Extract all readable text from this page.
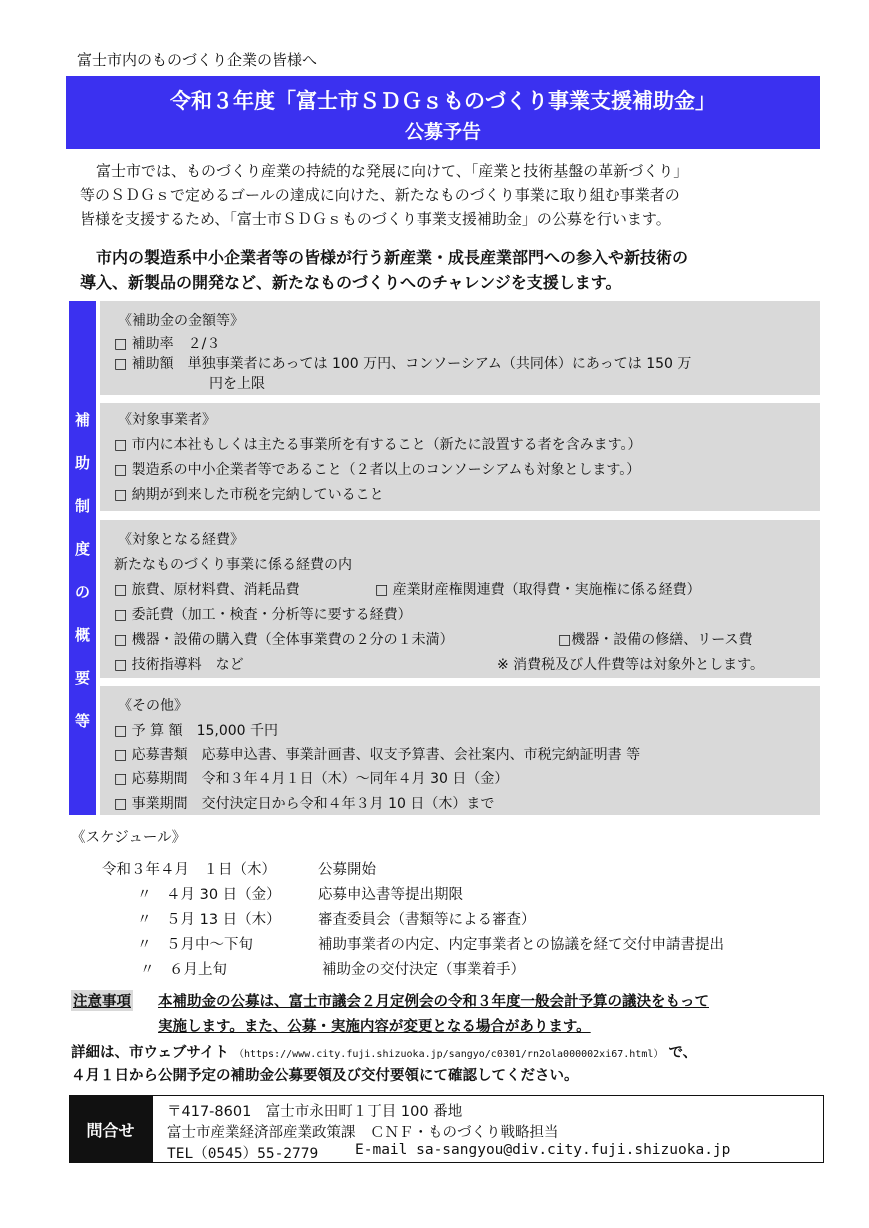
富士市内のものづくり企業の皆様へ
令和３年度「富士市ＳＤＧｓものづくり事業支援補助金」
公募予告
富士市では、ものづくり産業の持続的な発展に向けて、「産業と技術基盤の革新づくり」
等のＳＤＧｓで定めるゴールの達成に向けた、新たなものづくり事業に取り組む事業者の
皆様を支援するため、「富士市ＳＤＧｓものづくり事業支援補助金」の公募を行います。
市内の製造系中小企業者等の皆様が行う新産業・成長産業部門への参入や新技術の
導入、新製品の開発など、新たなものづくりへのチャレンジを支援します。
補
助
制
度
の
概
要
等
《補助金の金額等》
□ 補助率　２/３
□ 補助額　単独事業者にあっては 100 万円、コンソーシアム（共同体）にあっては 150 万
円を上限
《対象事業者》
□ 市内に本社もしくは主たる事業所を有すること（新たに設置する者を含みます。）
□ 製造系の中小企業者等であること（２者以上のコンソーシアムも対象とします。）
□ 納期が到来した市税を完納していること
《対象となる経費》
新たなものづくり事業に係る経費の内
□ 旅費、原材料費、消耗品費	□ 産業財産権関連費（取得費・実施権に係る経費）
□ 委託費（加工・検査・分析等に要する経費）
□ 機器・設備の購入費（全体事業費の２分の１未満）	□機器・設備の修繕、リース費
□ 技術指導料　など	※ 消費税及び人件費等は対象外とします。
《その他》
□ 予 算 額　15,000 千円
□ 応募書類　応募申込書、事業計画書、収支予算書、会社案内、市税完納証明書 等
□ 応募期間　令和３年４月１日（木）～同年４月 30 日（金）
□ 事業期間　交付決定日から令和４年３月 10 日（木）まで
《スケジュール》
令和３年４月　１日（木）	公募開始
〃　４月 30 日（金）	応募申込書等提出期限
〃　５月 13 日（木）	審査委員会（書類等による審査）
〃　５月中～下旬	補助事業者の内定、内定事業者との協議を経て交付申請書提出
〃　６月上旬	補助金の交付決定（事業着手）
注意事項 本補助金の公募は、富士市議会２月定例会の令和３年度一般会計予算の議決をもって
実施します。また、公募・実施内容が変更となる場合があります。
詳細は、市ウェブサイト （https://www.city.fuji.shizuoka.jp/sangyo/c0301/rn2ola000002xi67.html） で、
４月１日から公開予定の補助金公募要領及び交付要領にて確認してください。
問合せ
〒417-8601　富士市永田町１丁目 100 番地
富士市産業経済部産業政策課　ＣＮＦ・ものづくり戦略担当
TEL（0545）55-2779	E-mail sa-sangyou@div.city.fuji.shizuoka.jp
